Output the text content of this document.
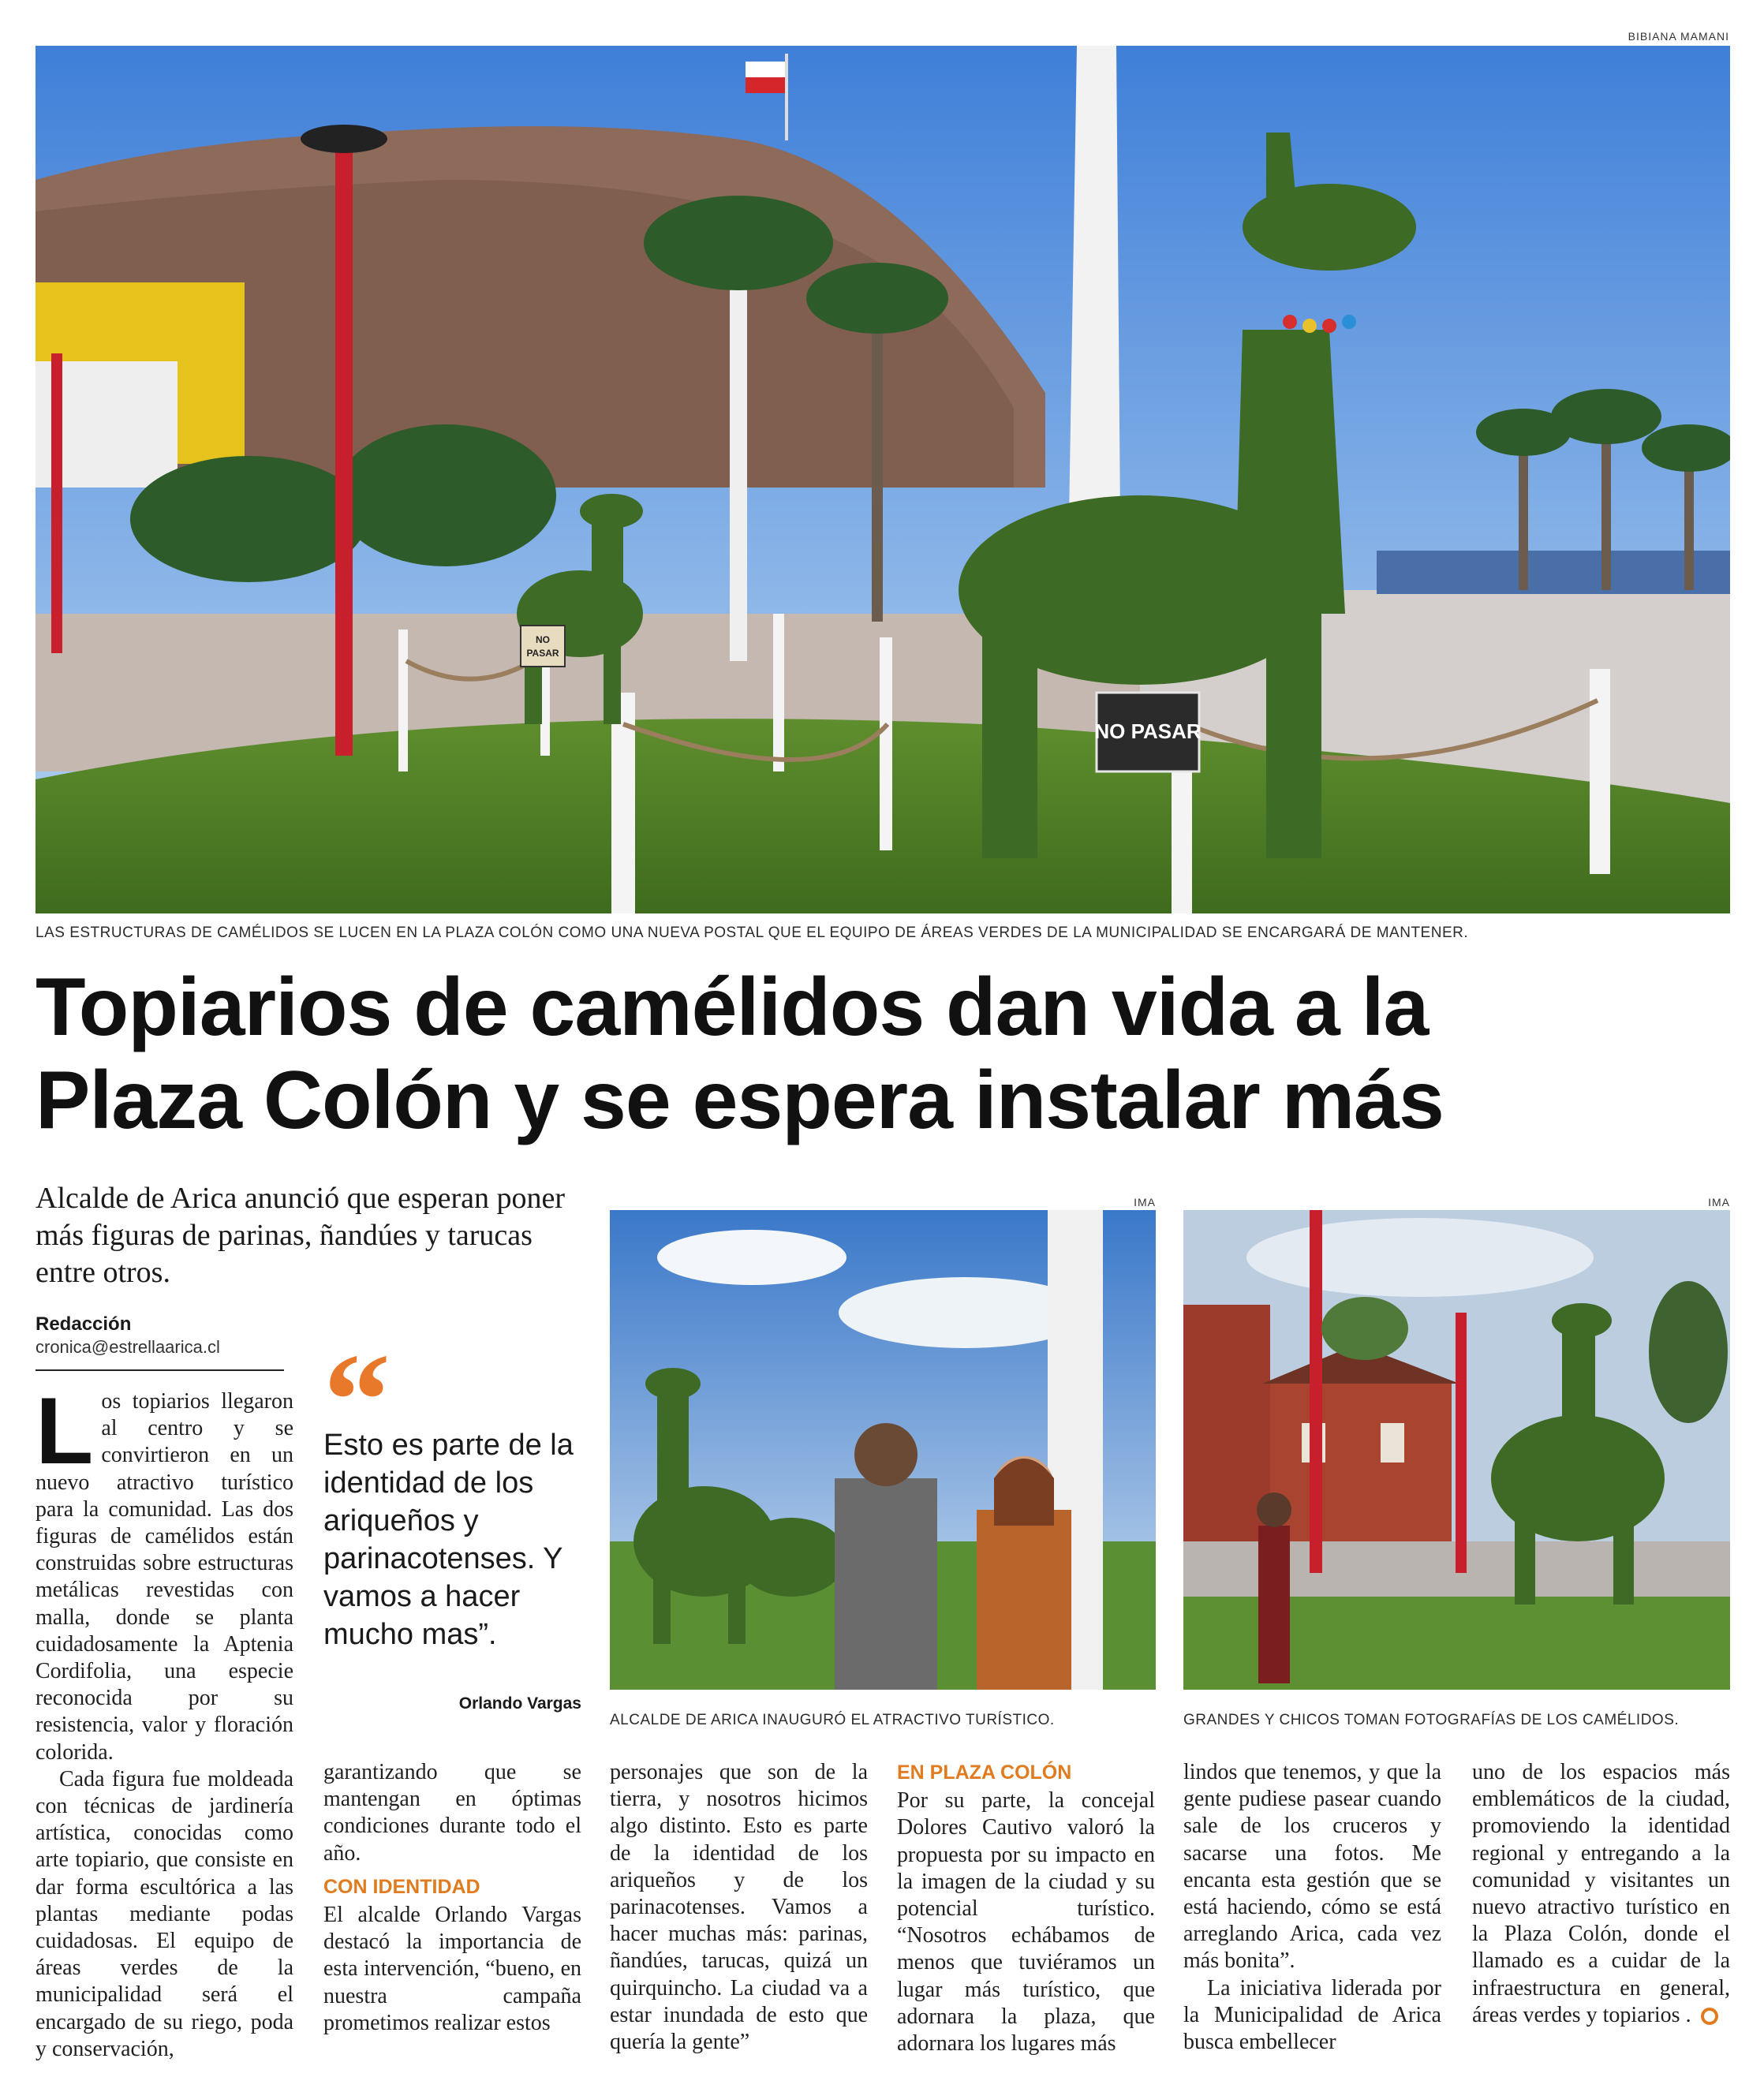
BIBIANA MAMANI
NO PASAR
NO
PASAR
LAS ESTRUCTURAS DE CAMÉLIDOS SE LUCEN EN LA PLAZA COLÓN COMO UNA NUEVA POSTAL QUE EL EQUIPO DE ÁREAS VERDES DE LA MUNICIPALIDAD SE ENCARGARÁ DE MANTENER.
Topiarios de camélidos dan vida a la
Plaza Colón y se espera instalar más
Alcalde de Arica anunció que esperan poner más figuras de parinas, ñandúes y tarucas entre otros.
Redacción
cronica@estrellaarica.cl “
Esto es parte de la identidad de los ariqueños y parinacotenses. Y vamos a hacer mucho mas”.
Orlando Vargas
IMA
ALCALDE DE ARICA INAUGURÓ EL ATRACTIVO TURÍSTICO.
IMA
GRANDES Y CHICOS TOMAN FOTOGRAFÍAS DE LOS CAMÉLIDOS.

Los topiarios llegaron al centro y se convirtieron en un nuevo atractivo turístico para la comunidad. Las dos figuras de camélidos están construidas sobre estructuras metálicas revestidas con malla, donde se planta cuidadosamente la Aptenia Cordifolia, una especie reconocida por su resistencia, valor y floración colorida.

Cada figura fue moldeada con técnicas de jardinería artística, conocidas como arte topiario, que consiste en dar forma escultórica a las plantas mediante podas cuidadosas. El equipo de áreas verdes de la municipalidad será el encargado de su riego, poda y conservación,

garantizando que se mantengan en óptimas condiciones durante todo el año.

CON IDENTIDAD

El alcalde Orlando Vargas destacó la importancia de esta intervención, “bueno, en nuestra campaña prometimos realizar estos

personajes que son de la tierra, y nosotros hicimos algo distinto. Esto es parte de la identidad de los ariqueños y de los parinacotenses. Vamos a hacer muchas más: parinas, ñandúes, tarucas, quizá un quirquincho. La ciudad va a estar inundada de esto que quería la gente”

EN PLAZA COLÓN

Por su parte, la concejal Dolores Cautivo valoró la propuesta por su impacto en la imagen de la ciudad y su potencial turístico. “Nosotros echábamos de menos que tuviéramos un lugar más turístico, que adornara la plaza, que adornara los lugares más

lindos que tenemos, y que la gente pudiese pasear cuando sale de los cruceros y sacarse una fotos. Me encanta esta gestión que se está haciendo, cómo se está arreglando Arica, cada vez más bonita”.

La iniciativa liderada por la Municipalidad de Arica busca embellecer

uno de los espacios más emblemáticos de la ciudad, promoviendo la identidad regional y entregando a la comunidad y visitantes un nuevo atractivo turístico en la Plaza Colón, donde el llamado es a cuidar de la infraestructura en general, áreas verdes y topiarios .
